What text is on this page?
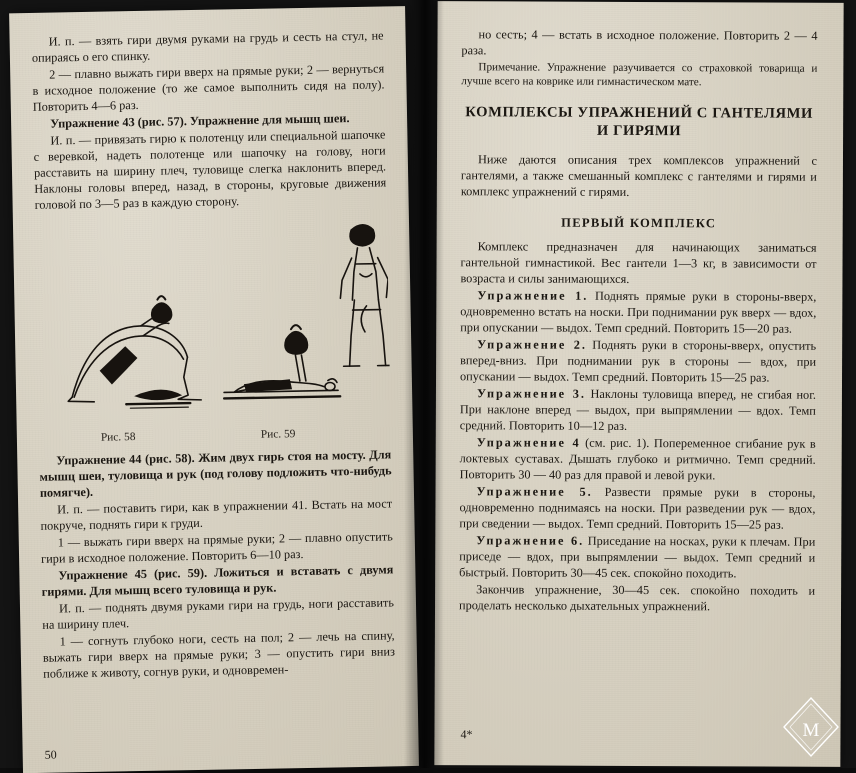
И. п. — взять гири двумя руками на грудь и сесть на стул, не опираясь о его спинку.

2 — плавно выжать гири вверх на прямые руки; 2 — вернуться в исходное положение (то же самое выполнить сидя на полу). Повторить 4—6 раз.

Упражнение 43 (рис. 57). Упражнение для мышц шеи.

И. п. — привязать гирю к полотенцу или специальной шапочке с веревкой, надеть полотенце или шапочку на голову, ноги расставить на ширину плеч, туловище слегка наклонить вперед. Наклоны головы вперед, назад, в стороны, круговые движения головой по 3—5 раз в каждую сторону.

Рис. 58	Рис. 59

Упражнение 44 (рис. 58). Жим двух гирь стоя на мосту. Для мышц шеи, туловища и рук (под голову подложить что-нибудь помягче).

И. п. — поставить гири, как в упражнении 41. Встать на мост покруче, поднять гири к груди.

1 — выжать гири вверх на прямые руки; 2 — плавно опустить гири в исходное положение. Повторить 6—10 раз.

Упражнение 45 (рис. 59). Ложиться и вставать с двумя гирями. Для мышц всего туловища и рук.

И. п. — поднять двумя руками гири на грудь, ноги расставить на ширину плеч.

1 — согнуть глубоко ноги, сесть на пол; 2 — лечь на спину, выжать гири вверх на прямые руки; 3 — опустить гири вниз поближе к животу, согнув руки, и одновремен-

50

но сесть; 4 — встать в исходное положение. Повторить 2 — 4 раза.

Примечание. Упражнение разучивается со страховкой товарища и лучше всего на коврике или гимнастическом мате.

КОМПЛЕКСЫ УПРАЖНЕНИЙ С ГАНТЕЛЯМИ
И ГИРЯМИ

Ниже даются описания трех комплексов упражнений с гантелями, а также смешанный комплекс с гантелями и гирями и комплекс упражнений с гирями.

ПЕРВЫЙ КОМПЛЕКС

Комплекс предназначен для начинающих заниматься гантельной гимнастикой. Вес гантели 1—3 кг, в зависимости от возраста и силы занимающихся.

Упражнение 1. Поднять прямые руки в стороны-вверх, одновременно встать на носки. При поднимании рук вверх — вдох, при опускании — выдох. Темп средний. Повторить 15—20 раз.

Упражнение 2. Поднять руки в стороны-вверх, опустить вперед-вниз. При поднимании рук в стороны — вдох, при опускании — выдох. Темп средний. Повторить 15—25 раз.

Упражнение 3. Наклоны туловища вперед, не сгибая ног. При наклоне вперед — выдох, при выпрямлении — вдох. Темп средний. Повторить 10—12 раз.

Упражнение 4 (см. рис. 1). Попеременное сгибание рук в локтевых суставах. Дышать глубоко и ритмично. Темп средний. Повторить 30 — 40 раз для правой и левой руки.

Упражнение 5. Развести прямые руки в стороны, одновременно поднимаясь на носки. При разведении рук — вдох, при сведении — выдох. Темп средний. Повторить 15—25 раз.

Упражнение 6. Приседание на носках, руки к плечам. При приседе — вдох, при выпрямлении — выдох. Темп средний и быстрый. Повторить 30—45 сек. спокойно походить.

Закончив упражнение, 30—45 сек. спокойно походить и проделать несколько дыхательных упражнений.

4*	М
